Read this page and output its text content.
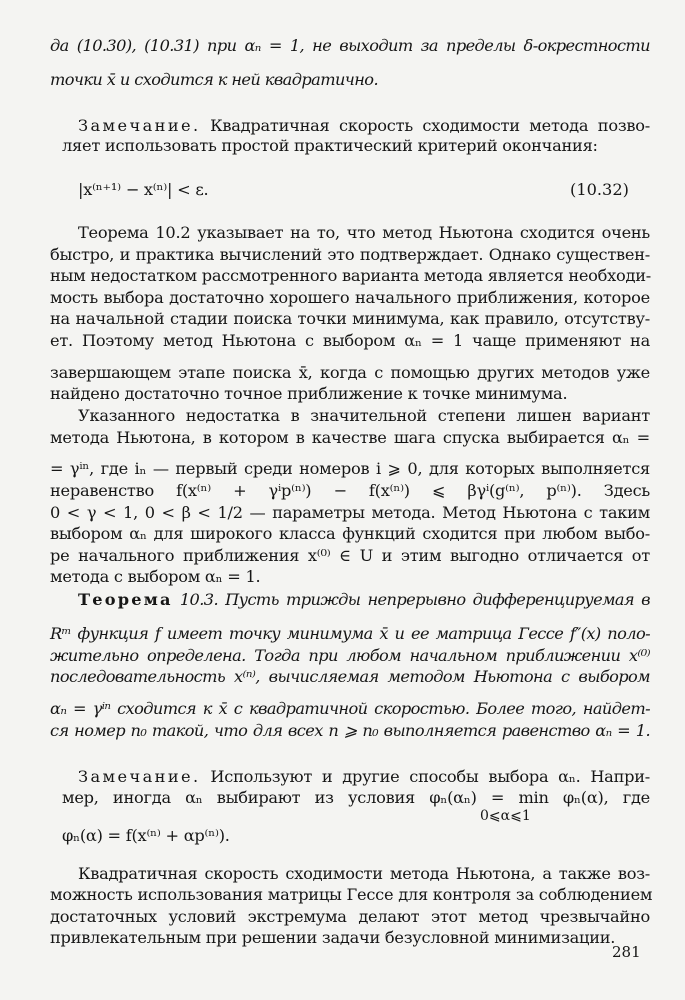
да (10.30), (10.31) при αₙ = 1, не выходит за пределы δ-окрестности
точки x̄ и сходится к ней квадратично.
Замечание. Квадратичная скорость сходимости метода позво-
ляет использовать простой практический критерий окончания:
|x⁽ⁿ⁺¹⁾ − x⁽ⁿ⁾| < ε.	(10.32)
Теорема 10.2 указывает на то, что метод Ньютона сходится очень
быстро, и практика вычислений это подтверждает. Однако существен-
ным недостатком рассмотренного варианта метода является необходи-
мость выбора достаточно хорошего начального приближения, которое
на начальной стадии поиска точки минимума, как правило, отсутству-
ет. Поэтому метод Ньютона с выбором αₙ = 1 чаще применяют на
завершающем этапе поиска x̄, когда с помощью других методов уже
найдено достаточно точное приближение к точке минимума.
Указанного недостатка в значительной степени лишен вариант
метода Ньютона, в котором в качестве шага спуска выбирается αₙ =
= γⁱⁿ, где iₙ — первый среди номеров i ⩾ 0, для которых выполняется
неравенство f(x⁽ⁿ⁾ + γⁱp⁽ⁿ⁾) − f(x⁽ⁿ⁾) ⩽ βγⁱ(g⁽ⁿ⁾, p⁽ⁿ⁾). Здесь
0 < γ < 1, 0 < β < 1/2 — параметры метода. Метод Ньютона с таким
выбором αₙ для широкого класса функций сходится при любом выбо-
ре начального приближения x⁽⁰⁾ ∈ U и этим выгодно отличается от
метода с выбором αₙ = 1.
Теорема 10.3. Пусть трижды непрерывно дифференцируемая в
Rᵐ функция f имеет точку минимума x̄ и ее матрица Гессе f″(x) поло-
жительно определена. Тогда при любом начальном приближении x⁽⁰⁾
последовательность x⁽ⁿ⁾, вычисляемая методом Ньютона с выбором
αₙ = γⁱⁿ сходится к x̄ с квадратичной скоростью. Более того, найдет-
ся номер n₀ такой, что для всех n ⩾ n₀ выполняется равенство αₙ = 1.
Замечание. Используют и другие способы выбора αₙ. Напри-
мер, иногда αₙ выбирают из условия φₙ(αₙ) = min φₙ(α), где
φₙ(α) = f(x⁽ⁿ⁾ + αp⁽ⁿ⁾).
Квадратичная скорость сходимости метода Ньютона, а также воз-
можность использования матрицы Гессе для контроля за соблюдением
достаточных условий экстремума делают этот метод чрезвычайно
привлекательным при решении задачи безусловной минимизации.
0⩽α⩽1
281
